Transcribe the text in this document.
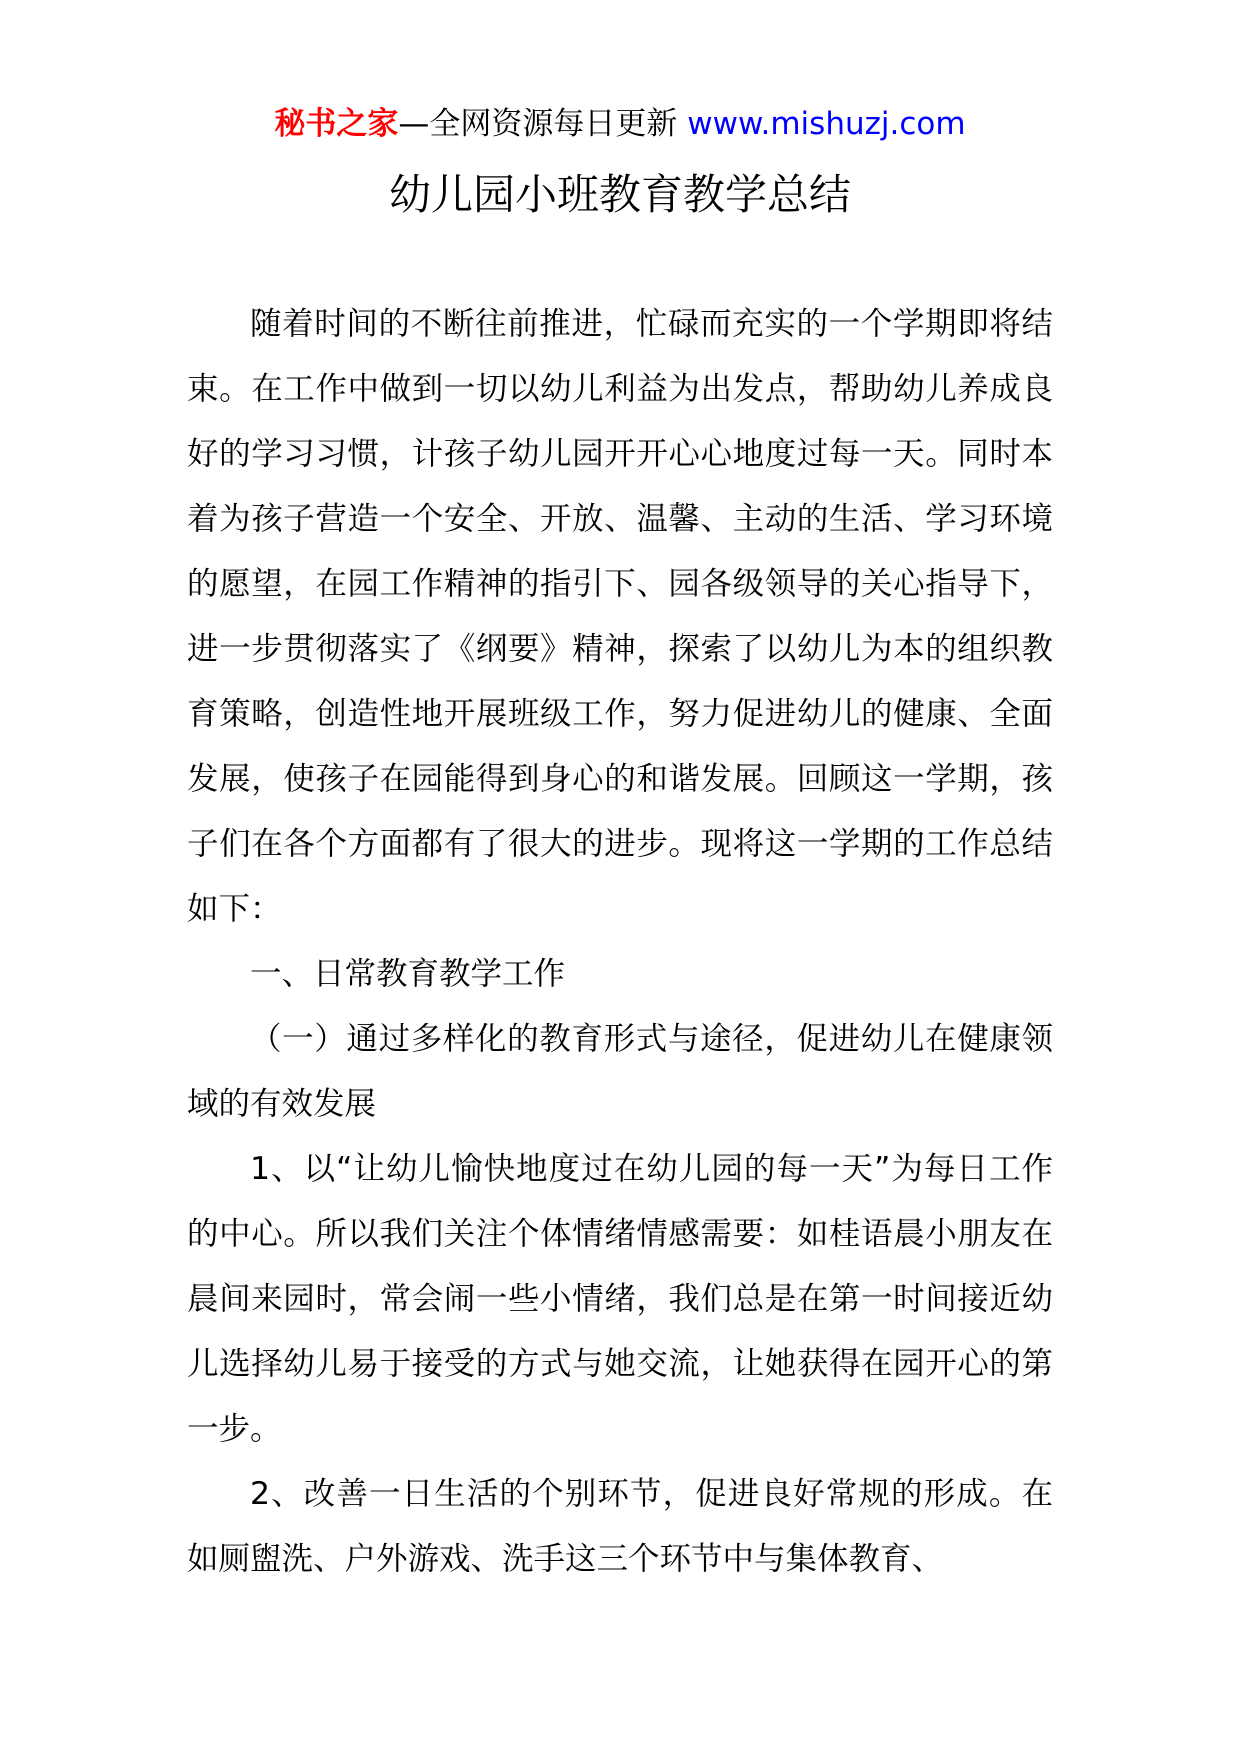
秘书之家—全网资源每日更新 www.mishuzj.com
幼儿园小班教育教学总结

随着时间的不断往前推进，忙碌而充实的一个学期即将结束。在工作中做到一切以幼儿利益为出发点，帮助幼儿养成良好的学习习惯，计孩子幼儿园开开心心地度过每一天。同时本着为孩子营造一个安全、开放、温馨、主动的生活、学习环境的愿望，在园工作精神的指引下、园各级领导的关心指导下，进一步贯彻落实了《纲要》精神，探索了以幼儿为本的组织教育策略，创造性地开展班级工作，努力促进幼儿的健康、全面发展，使孩子在园能得到身心的和谐发展。回顾这一学期，孩子们在各个方面都有了很大的进步。现将这一学期的工作总结如下：

一、日常教育教学工作

（一）通过多样化的教育形式与途径，促进幼儿在健康领域的有效发展

1、以“让幼儿愉快地度过在幼儿园的每一天”为每日工作的中心。所以我们关注个体情绪情感需要：如桂语晨小朋友在晨间来园时，常会闹一些小情绪，我们总是在第一时间接近幼儿选择幼儿易于接受的方式与她交流，让她获得在园开心的第一步。

2、改善一日生活的个别环节，促进良好常规的形成。在如厕盥洗、户外游戏、洗手这三个环节中与集体教育、
